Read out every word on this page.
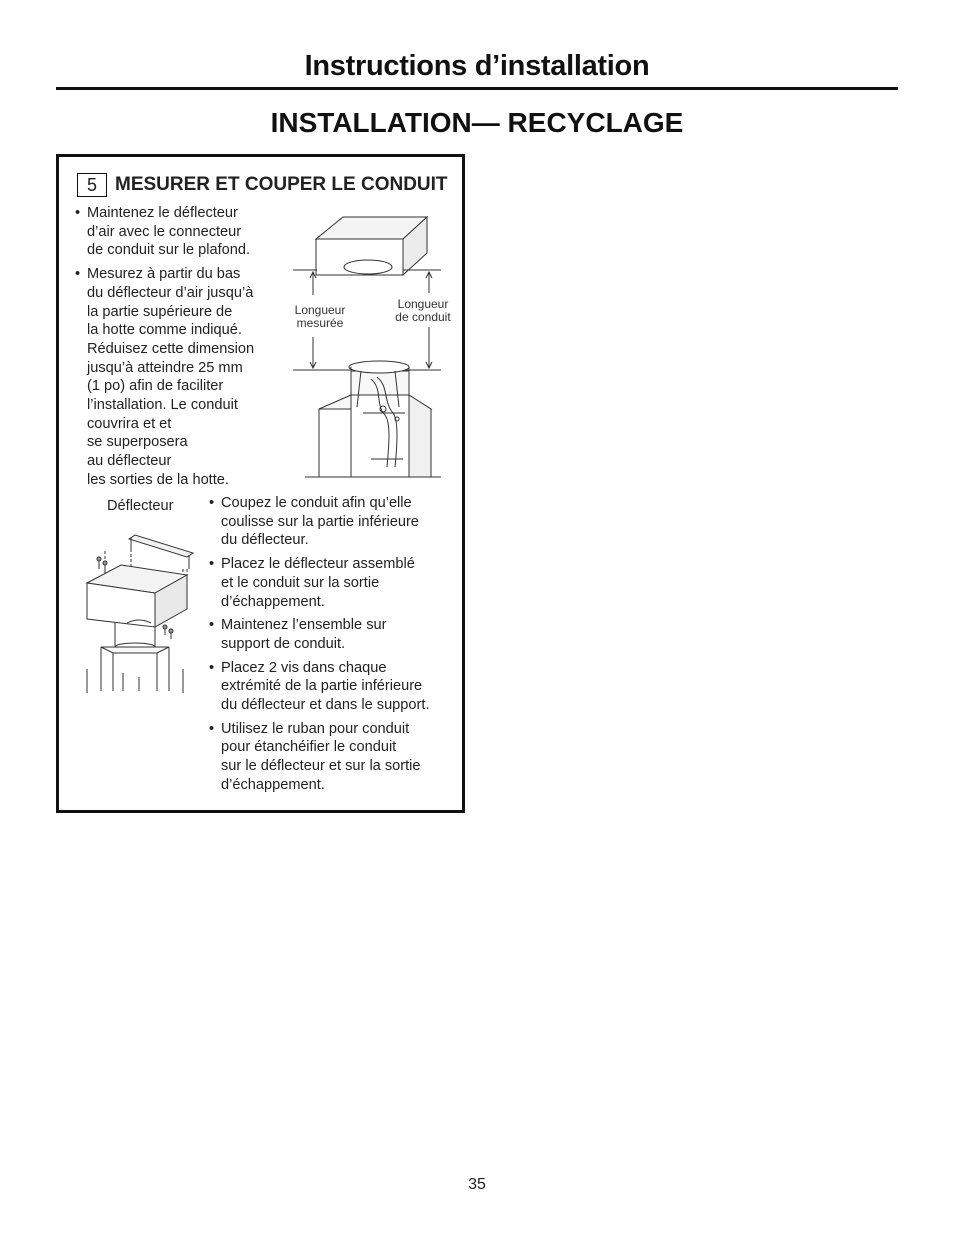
Instructions d’installation
INSTALLATION— RECYCLAGE
5 MESURER ET COUPER LE CONDUIT
• Maintenez le déflecteur
d’air avec le connecteur
de conduit sur le plafond.
• Mesurez à partir du bas
du déflecteur d’air jusqu’à
la partie supérieure de
la hotte comme indiqué.
Réduisez cette dimension
jusqu’à atteindre 25 mm
(1 po) afin de faciliter
l’installation. Le conduit
couvrira et et
se superposera
au déflecteur
les sorties de la hotte.
Longueur
mesurée
Longueur
de conduit
Déflecteur
•	Coupez le conduit afin qu’elle
coulisse sur la partie inférieure
du déflecteur.
• Placez le déflecteur assemblé
et le conduit sur la sortie
d’échappement.
• Maintenez l’ensemble sur
support de conduit.
• Placez 2 vis dans chaque
extrémité de la partie inférieure
du déflecteur et dans le support.
• Utilisez le ruban pour conduit
pour étanchéifier le conduit
sur le déflecteur et sur la sortie
d’échappement.
35
